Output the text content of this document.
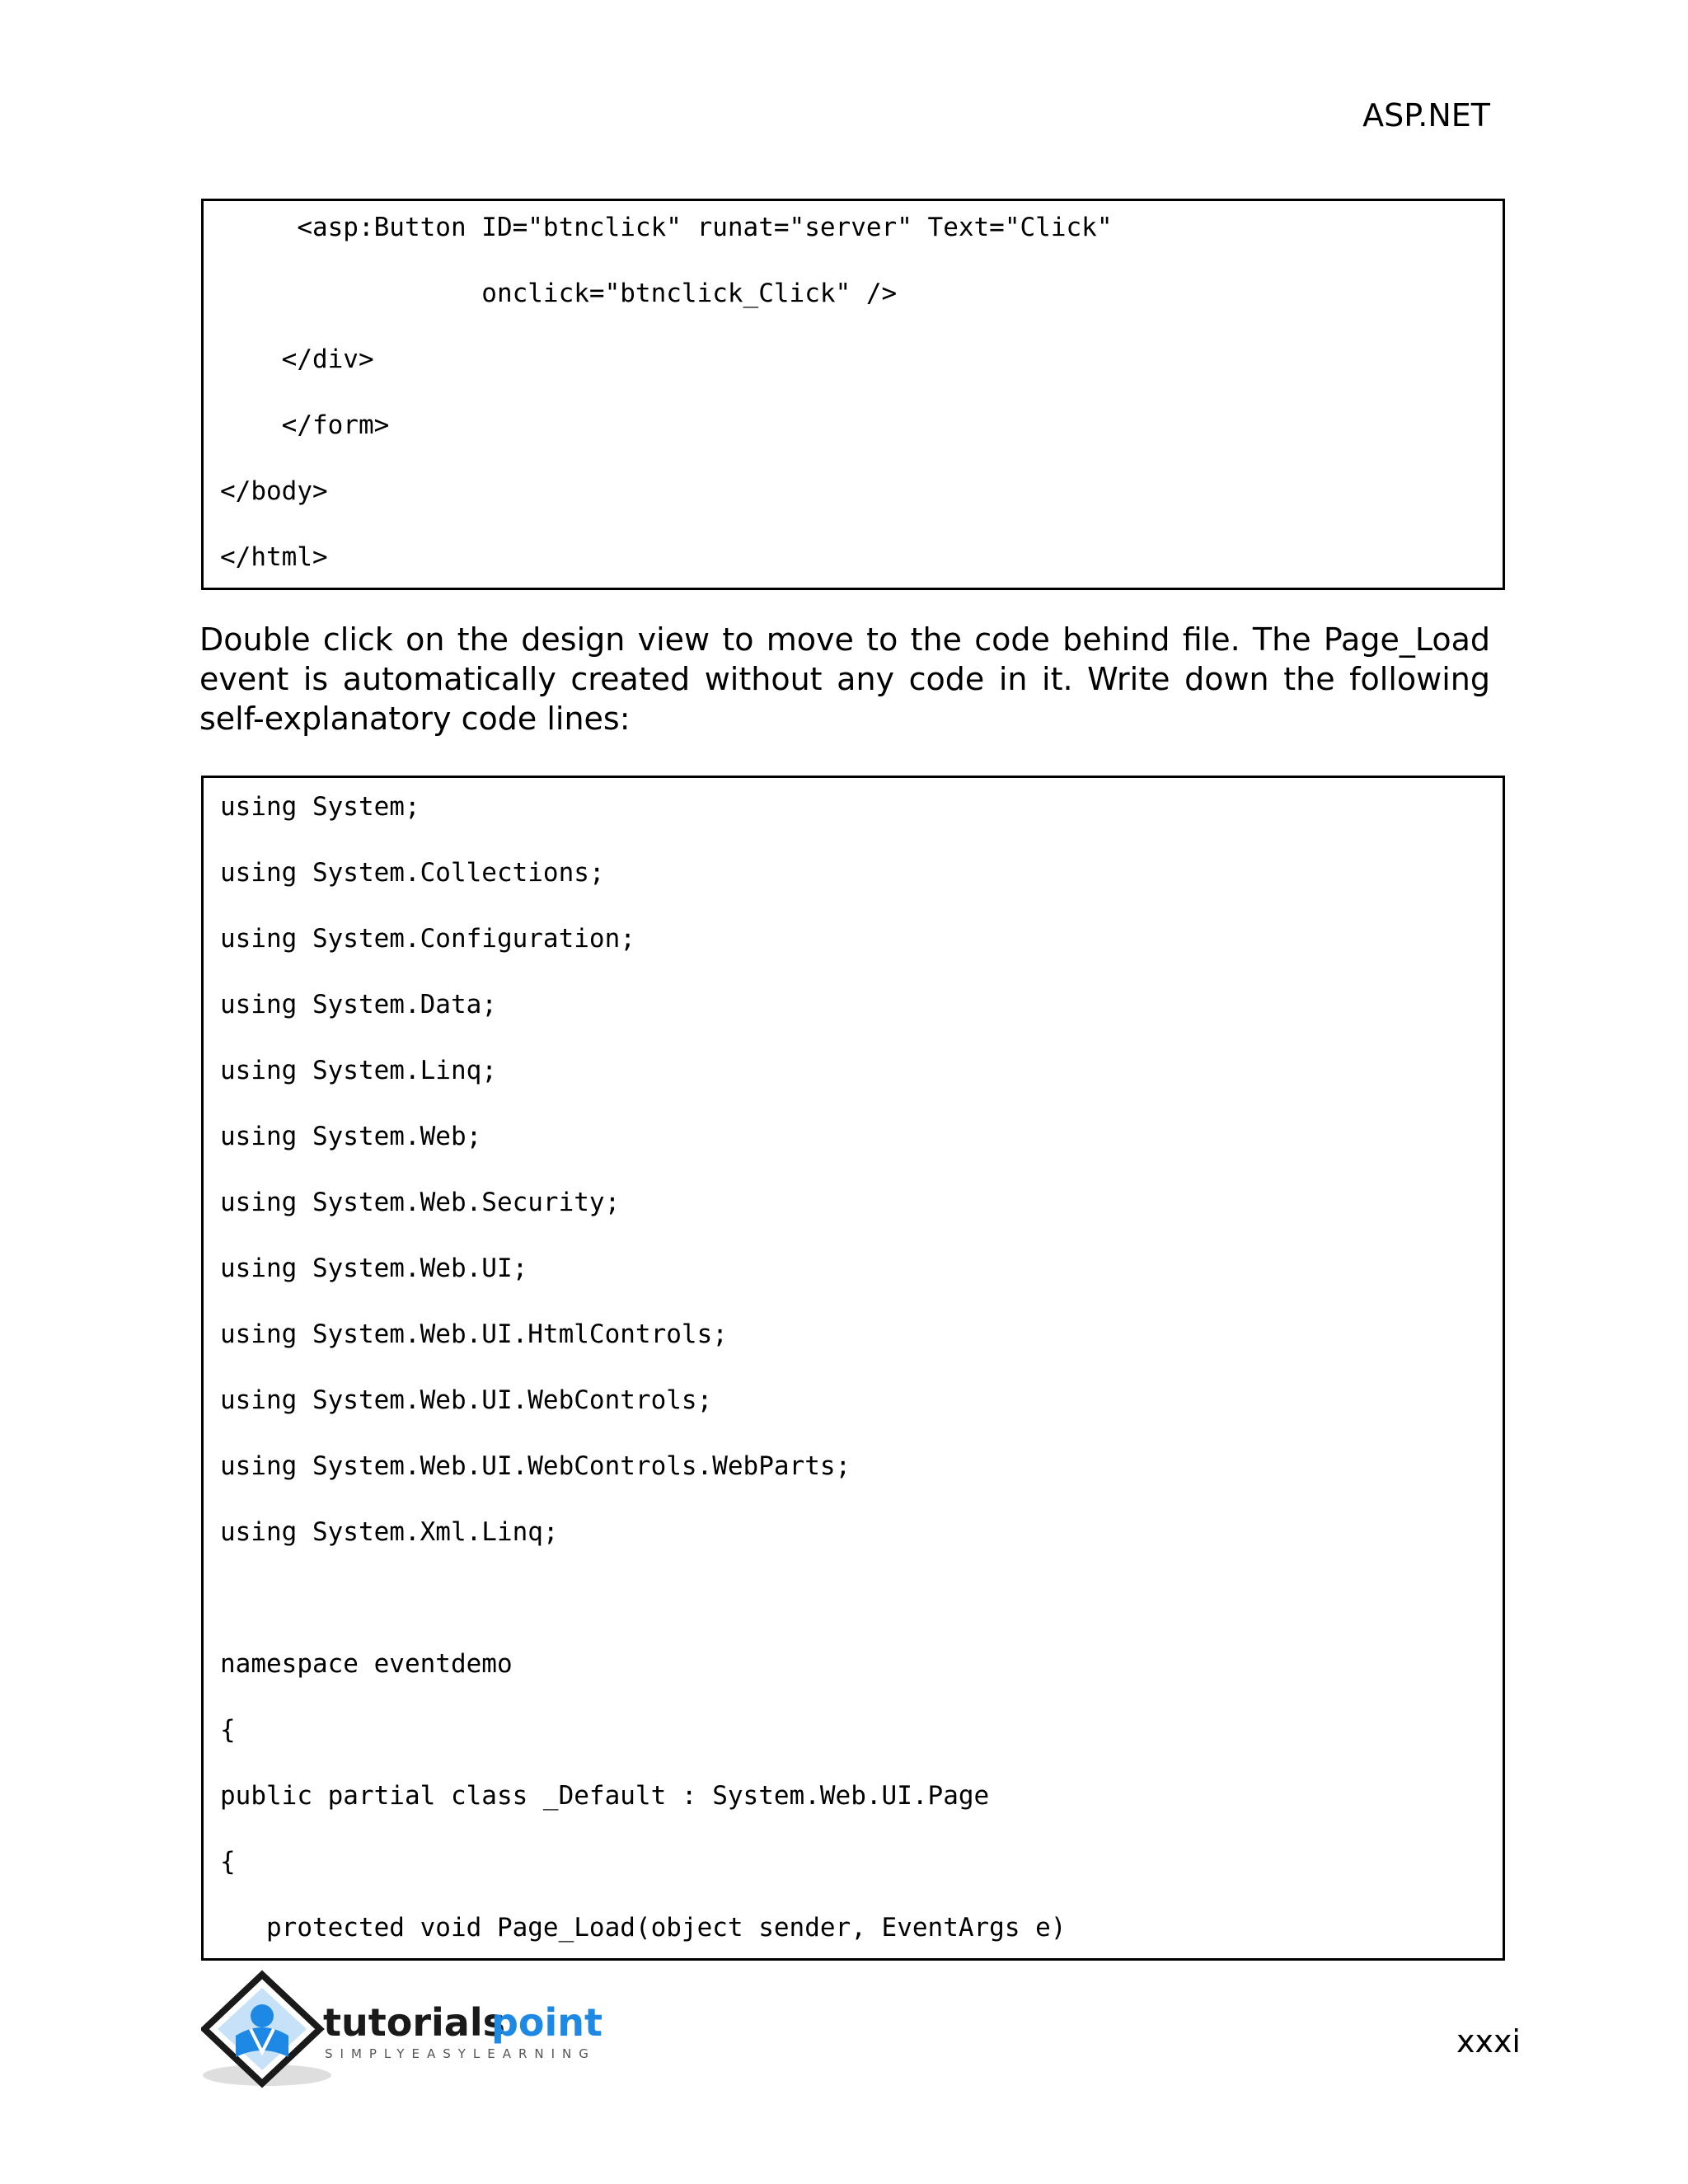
ASP.NET
<asp:Button ID="btnclick" runat="server" Text="Click"
onclick="btnclick_Click" />
</div>
</form>
</body>
</html>
Double click on the design view to move to the code behind file. The Page_Load event is automatically created without any code in it. Write down the following self-explanatory code lines:
using System;
using System.Collections;
using System.Configuration;
using System.Data;
using System.Linq;
using System.Web;
using System.Web.Security;
using System.Web.UI;
using System.Web.UI.HtmlControls;
using System.Web.UI.WebControls;
using System.Web.UI.WebControls.WebParts;
using System.Xml.Linq;
namespace eventdemo
{
public partial class _Default : System.Web.UI.Page
{
protected void Page_Load(object sender, EventArgs e)
tutorials
point
SIMPLYEASYLEARNING	xxxi
